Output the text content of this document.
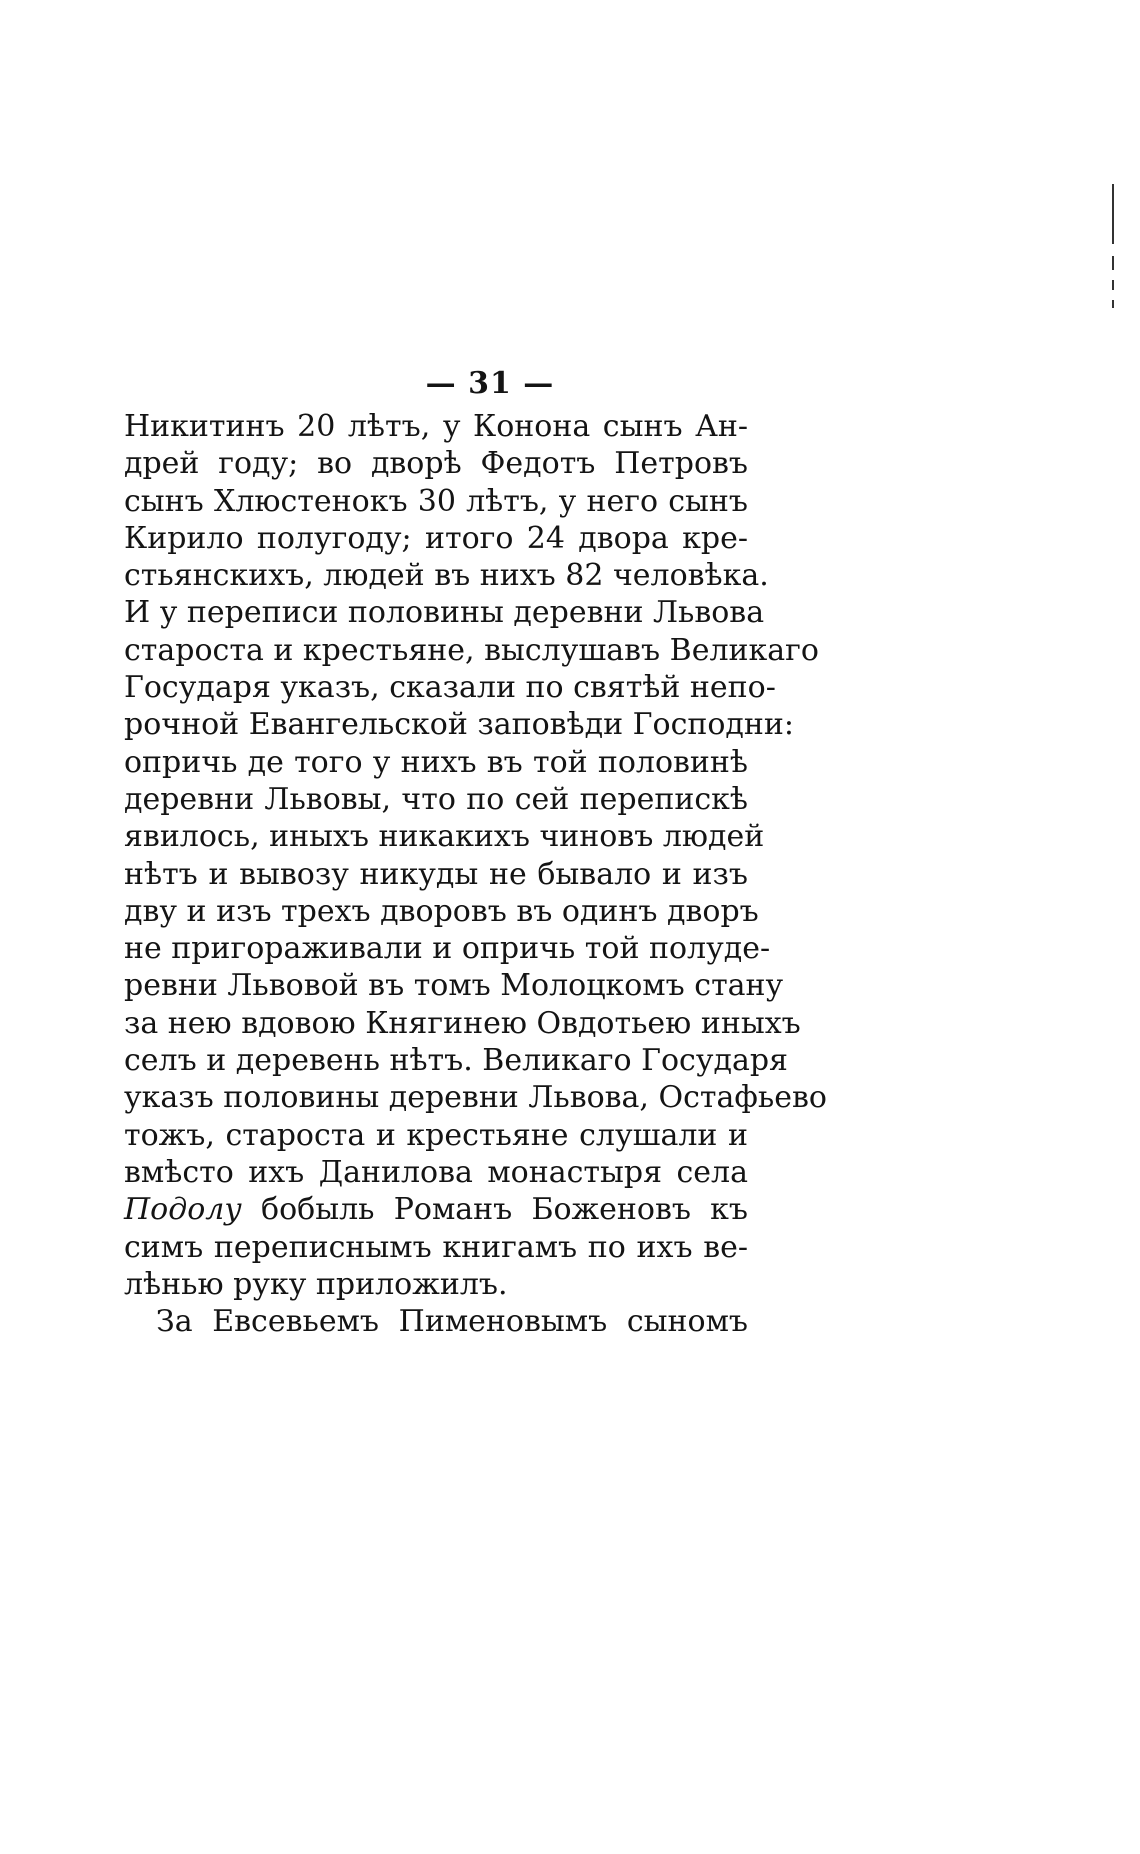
— 31 —
Никитинъ 20 лѣтъ, у Конона сынъ Ан-
дрей году; во дворѣ Федотъ Петровъ
сынъ Хлюстенокъ 30 лѣтъ, у него сынъ
Кирило полугоду; итого 24 двора кре-
стьянскихъ, людей въ нихъ 82 человѣка.
И у переписи половины деревни Львова
староста и крестьяне, выслушавъ Великаго
Государя указъ, сказали по святѣй непо-
рочной Евангельской заповѣди Господни:
опричь де того у нихъ въ той половинѣ
деревни Львовы, что по сей перепискѣ
явилось, иныхъ никакихъ чиновъ людей
нѣтъ и вывозу никуды не бывало и изъ
дву и изъ трехъ дворовъ въ одинъ дворъ
не пригораживали и опричь той полуде-
ревни Львовой въ томъ Молоцкомъ стану
за нею вдовою Княгинею Овдотьею иныхъ
селъ и деревень нѣтъ. Великаго Государя
указъ половины деревни Львова, Остафьево
тожъ, староста и крестьяне слушали и
вмѣсто ихъ Данилова монастыря села
Подолу бобыль Романъ Боженовъ къ
симъ переписнымъ книгамъ по ихъ ве-
лѣнью руку приложилъ.
За Евсевьемъ Пименовымъ сыномъ
